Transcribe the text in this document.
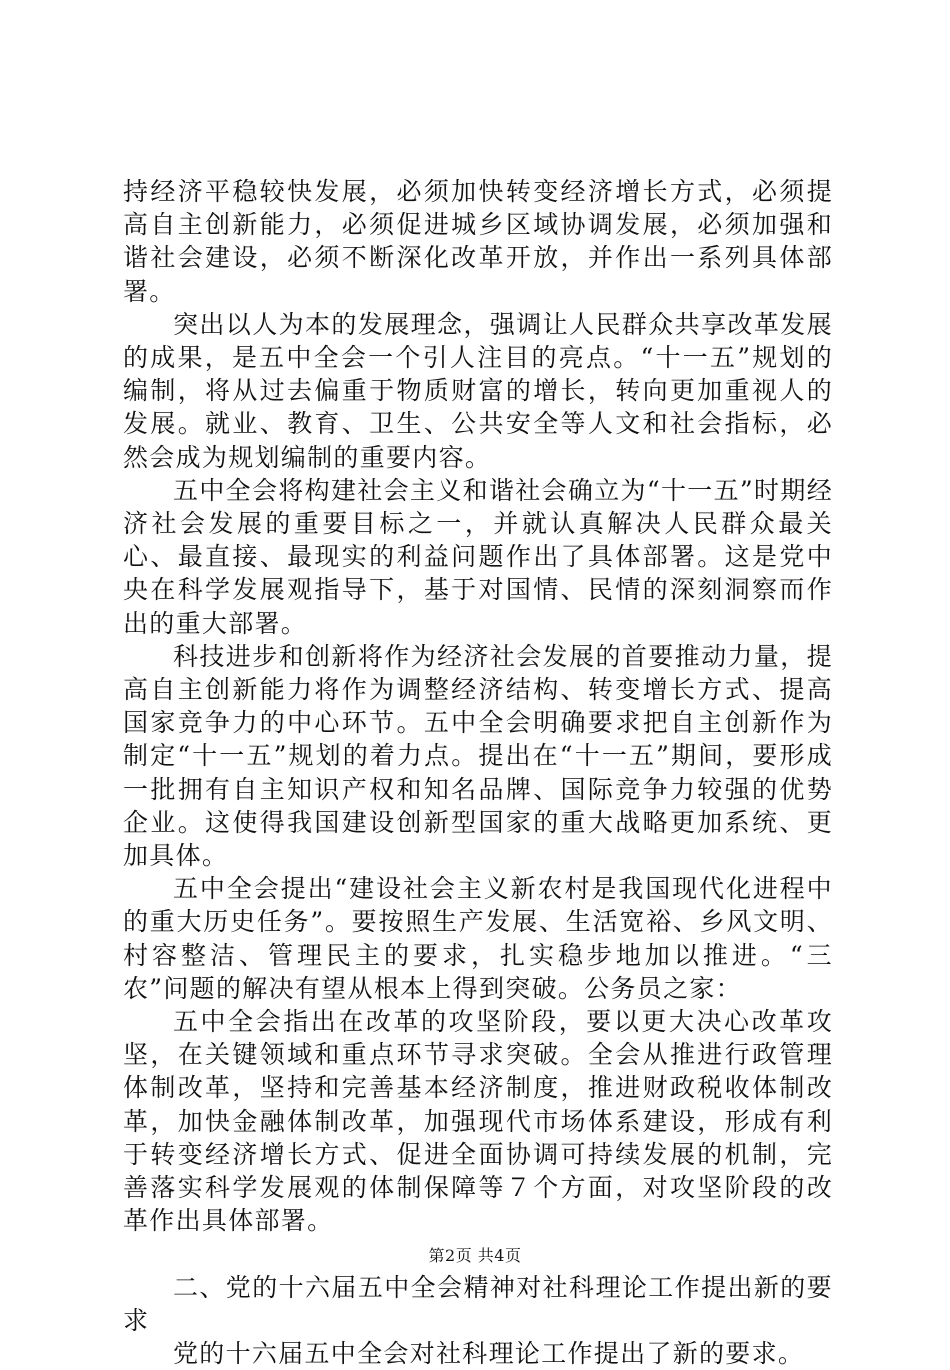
持经济平稳较快发展，必须加快转变经济增长方式，必须提高自主创新能力，必须促进城乡区域协调发展，必须加强和谐社会建设，必须不断深化改革开放，并作出一系列具体部署。

突出以人为本的发展理念，强调让人民群众共享改革发展的成果，是五中全会一个引人注目的亮点。“十一五”规划的编制，将从过去偏重于物质财富的增长，转向更加重视人的发展。就业、教育、卫生、公共安全等人文和社会指标，必然会成为规划编制的重要内容。

五中全会将构建社会主义和谐社会确立为“十一五”时期经济社会发展的重要目标之一，并就认真解决人民群众最关心、最直接、最现实的利益问题作出了具体部署。这是党中央在科学发展观指导下，基于对国情、民情的深刻洞察而作出的重大部署。

科技进步和创新将作为经济社会发展的首要推动力量，提高自主创新能力将作为调整经济结构、转变增长方式、提高国家竞争力的中心环节。五中全会明确要求把自主创新作为制定“十一五”规划的着力点。提出在“十一五”期间，要形成一批拥有自主知识产权和知名品牌、国际竞争力较强的优势企业。这使得我国建设创新型国家的重大战略更加系统、更加具体。

五中全会提出“建设社会主义新农村是我国现代化进程中的重大历史任务”。要按照生产发展、生活宽裕、乡风文明、村容整洁、管理民主的要求，扎实稳步地加以推进。“三农”问题的解决有望从根本上得到突破。公务员之家：

五中全会指出在改革的攻坚阶段，要以更大决心改革攻坚，在关键领域和重点环节寻求突破。全会从推进行政管理体制改革，坚持和完善基本经济制度，推进财政税收体制改革，加快金融体制改革，加强现代市场体系建设，形成有利于转变经济增长方式、促进全面协调可持续发展的机制，完善落实科学发展观的体制保障等７个方面，对攻坚阶段的改革作出具体部署。

二、党的十六届五中全会精神对社科理论工作提出新的要求

党的十六届五中全会对社科理论工作提出了新的要求。

第2页 共4页
